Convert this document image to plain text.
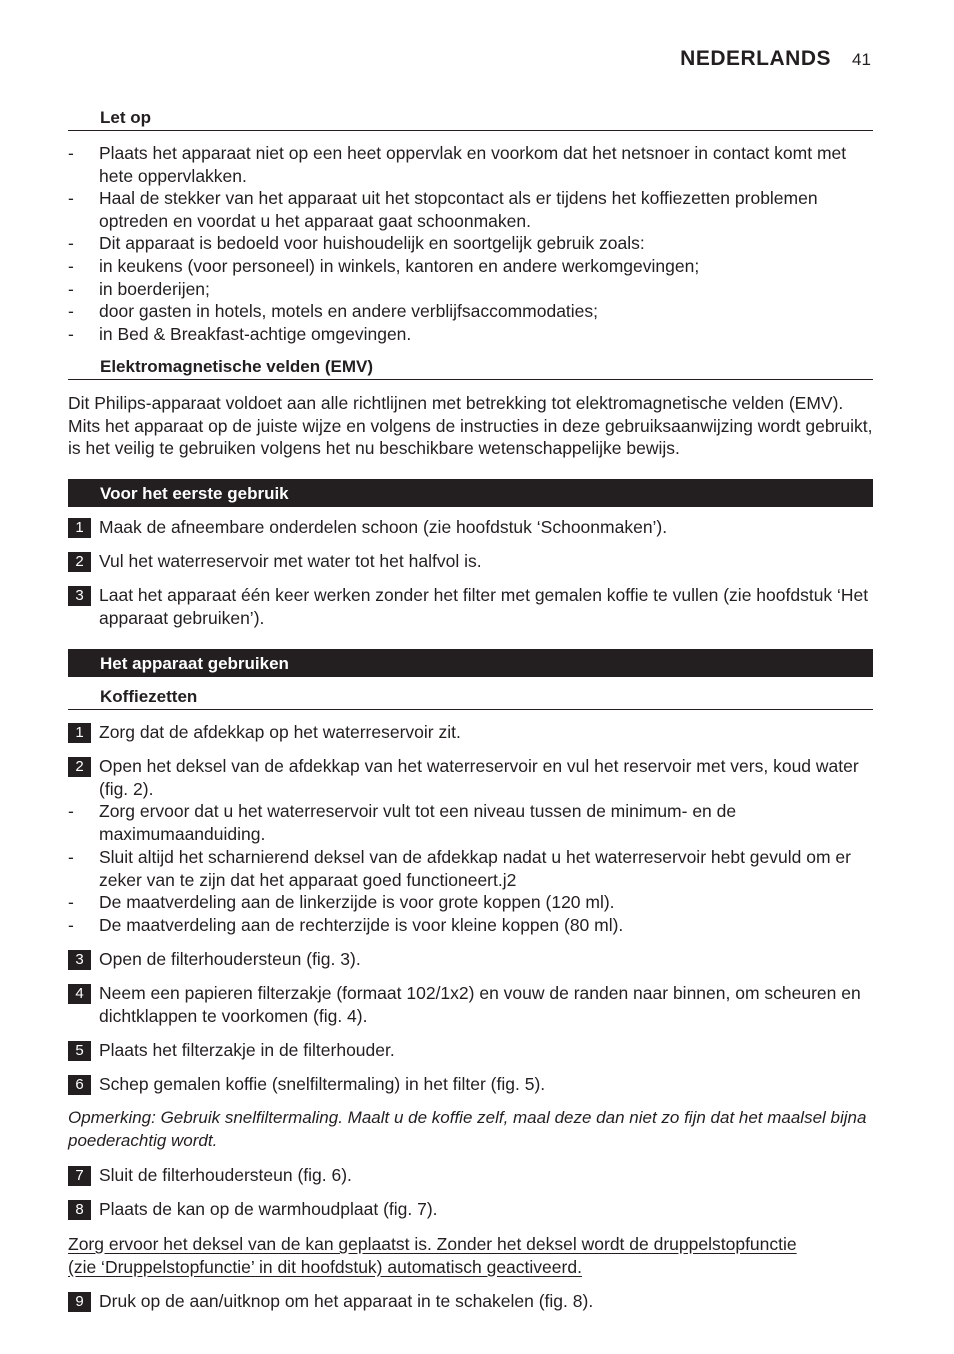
NEDERLANDS 41
Let op
-	Plaats het apparaat niet op een heet oppervlak en voorkom dat het netsnoer in contact komt met hete oppervlakken.
-	Haal de stekker van het apparaat uit het stopcontact als er tijdens het koffiezetten problemen optreden en voordat u het apparaat gaat schoonmaken.
-	Dit apparaat is bedoeld voor huishoudelijk en soortgelijk gebruik zoals:
-	in keukens (voor personeel) in winkels, kantoren en andere werkomgevingen;
-	in boerderijen;
-	door gasten in hotels, motels en andere verblijfsaccommodaties;
-	in Bed & Breakfast-achtige omgevingen.
Elektromagnetische velden (EMV)
Dit Philips-apparaat voldoet aan alle richtlijnen met betrekking tot elektromagnetische velden (EMV). Mits het apparaat op de juiste wijze en volgens de instructies in deze gebruiksaanwijzing wordt gebruikt, is het veilig te gebruiken volgens het nu beschikbare wetenschappelijke bewijs.
Voor het eerste gebruik
1 Maak de afneembare onderdelen schoon (zie hoofdstuk ‘Schoonmaken’).
2 Vul het waterreservoir met water tot het halfvol is.
3 Laat het apparaat één keer werken zonder het filter met gemalen koffie te vullen (zie hoofdstuk ‘Het apparaat gebruiken’).
Het apparaat gebruiken
Koffiezetten
1 Zorg dat de afdekkap op het waterreservoir zit.
2 Open het deksel van de afdekkap van het waterreservoir en vul het reservoir met vers, koud water (fig. 2).
-	Zorg ervoor dat u het waterreservoir vult tot een niveau tussen de minimum- en de maximumaanduiding.
-	Sluit altijd het scharnierend deksel van de afdekkap nadat u het waterreservoir hebt gevuld om er zeker van te zijn dat het apparaat goed functioneert.j2
-	De maatverdeling aan de linkerzijde is voor grote koppen (120 ml).
-	De maatverdeling aan de rechterzijde is voor kleine koppen (80 ml).
3 Open de filterhoudersteun (fig. 3).
4 Neem een papieren filterzakje (formaat 102/1x2) en vouw de randen naar binnen, om scheuren en dichtklappen te voorkomen (fig. 4).
5 Plaats het filterzakje in de filterhouder.
6 Schep gemalen koffie (snelfiltermaling) in het filter (fig. 5).
Opmerking: Gebruik snelfiltermaling. Maalt u de koffie zelf, maal deze dan niet zo fijn dat het maalsel bijna poederachtig wordt.
7 Sluit de filterhoudersteun (fig. 6).
8 Plaats de kan op de warmhoudplaat (fig. 7).
Zorg ervoor het deksel van de kan geplaatst is. Zonder het deksel wordt de druppelstopfunctie
(zie ‘Druppelstopfunctie’ in dit hoofdstuk) automatisch geactiveerd.
9 Druk op de aan/uitknop om het apparaat in te schakelen (fig. 8).
